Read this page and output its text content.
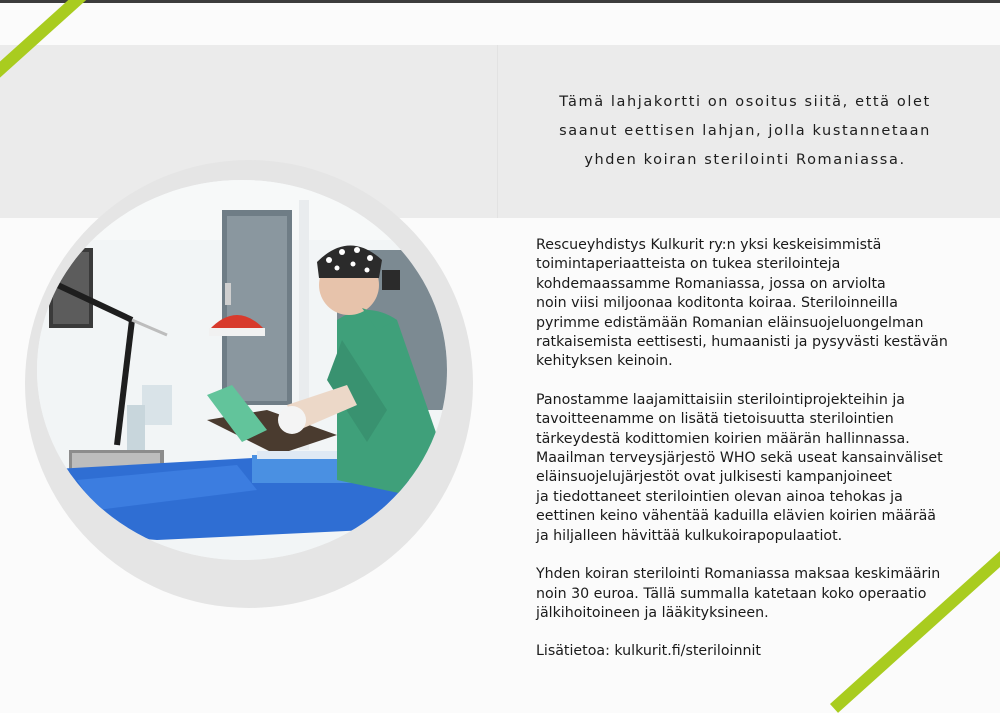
Tämä lahjakortti on osoitus siitä, että olet
saanut eettisen lahjan, jolla kustannetaan
yhden koiran sterilointi Romaniassa.

Rescueyhdistys Kulkurit ry:n yksi keskeisimmistä
toimintaperiaatteista on tukea sterilointeja
kohdemaassamme Romaniassa, jossa on arviolta
noin viisi miljoonaa koditonta koiraa. Steriloinneilla
pyrimme edistämään Romanian eläinsuojeluongelman
ratkaisemista eettisesti, humaanisti ja pysyvästi kestävän
kehityksen keinoin.

Panostamme laajamittaisiin sterilointiprojekteihin ja
tavoitteenamme on lisätä tietoisuutta sterilointien
tärkeydestä kodittomien koirien määrän hallinnassa.
Maailman terveysjärjestö WHO sekä useat kansainväliset
eläinsuojelujärjestöt ovat julkisesti kampanjoineet
ja tiedottaneet sterilointien olevan ainoa tehokas ja
eettinen keino vähentää kaduilla elävien koirien määrää
ja hiljalleen hävittää kulkukoirapopulaatiot.

Yhden koiran sterilointi Romaniassa maksaa keskimäärin
noin 30 euroa. Tällä summalla katetaan koko operaatio
jälkihoitoineen ja lääkityksineen.

Lisätietoa: kulkurit.fi/steriloinnit
